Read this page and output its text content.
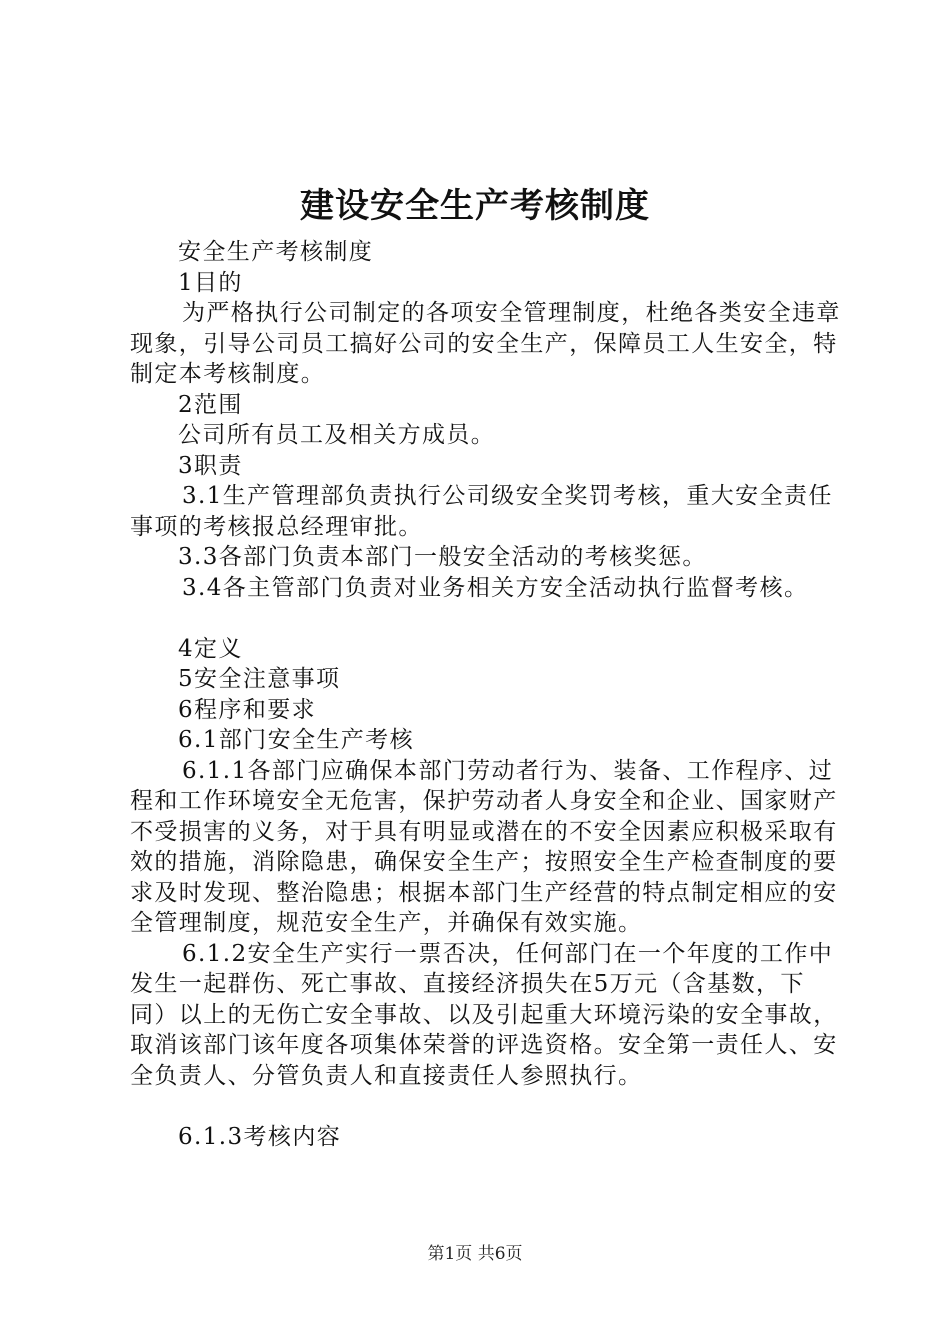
建设安全生产考核制度

安全生产考核制度

1目的

为严格执行公司制定的各项安全管理制度，杜绝各类安全违章现象，引导公司员工搞好公司的安全生产，保障员工人生安全，特制定本考核制度。

2范围

公司所有员工及相关方成员。

3职责

3.1生产管理部负责执行公司级安全奖罚考核，重大安全责任事项的考核报总经理审批。

3.3各部门负责本部门一般安全活动的考核奖惩。

3.4各主管部门负责对业务相关方安全活动执行监督考核。

4定义

5安全注意事项

6程序和要求

6.1部门安全生产考核

6.1.1各部门应确保本部门劳动者行为、装备、工作程序、过程和工作环境安全无危害，保护劳动者人身安全和企业、国家财产不受损害的义务，对于具有明显或潜在的不安全因素应积极采取有效的措施，消除隐患，确保安全生产；按照安全生产检查制度的要求及时发现、整治隐患；根据本部门生产经营的特点制定相应的安全管理制度，规范安全生产，并确保有效实施。

6.1.2安全生产实行一票否决，任何部门在一个年度的工作中发生一起群伤、死亡事故、直接经济损失在5万元（含基数，下同）以上的无伤亡安全事故、以及引起重大环境污染的安全事故，取消该部门该年度各项集体荣誉的评选资格。安全第一责任人、安全负责人、分管负责人和直接责任人参照执行。

6.1.3考核内容

第1页 共6页
